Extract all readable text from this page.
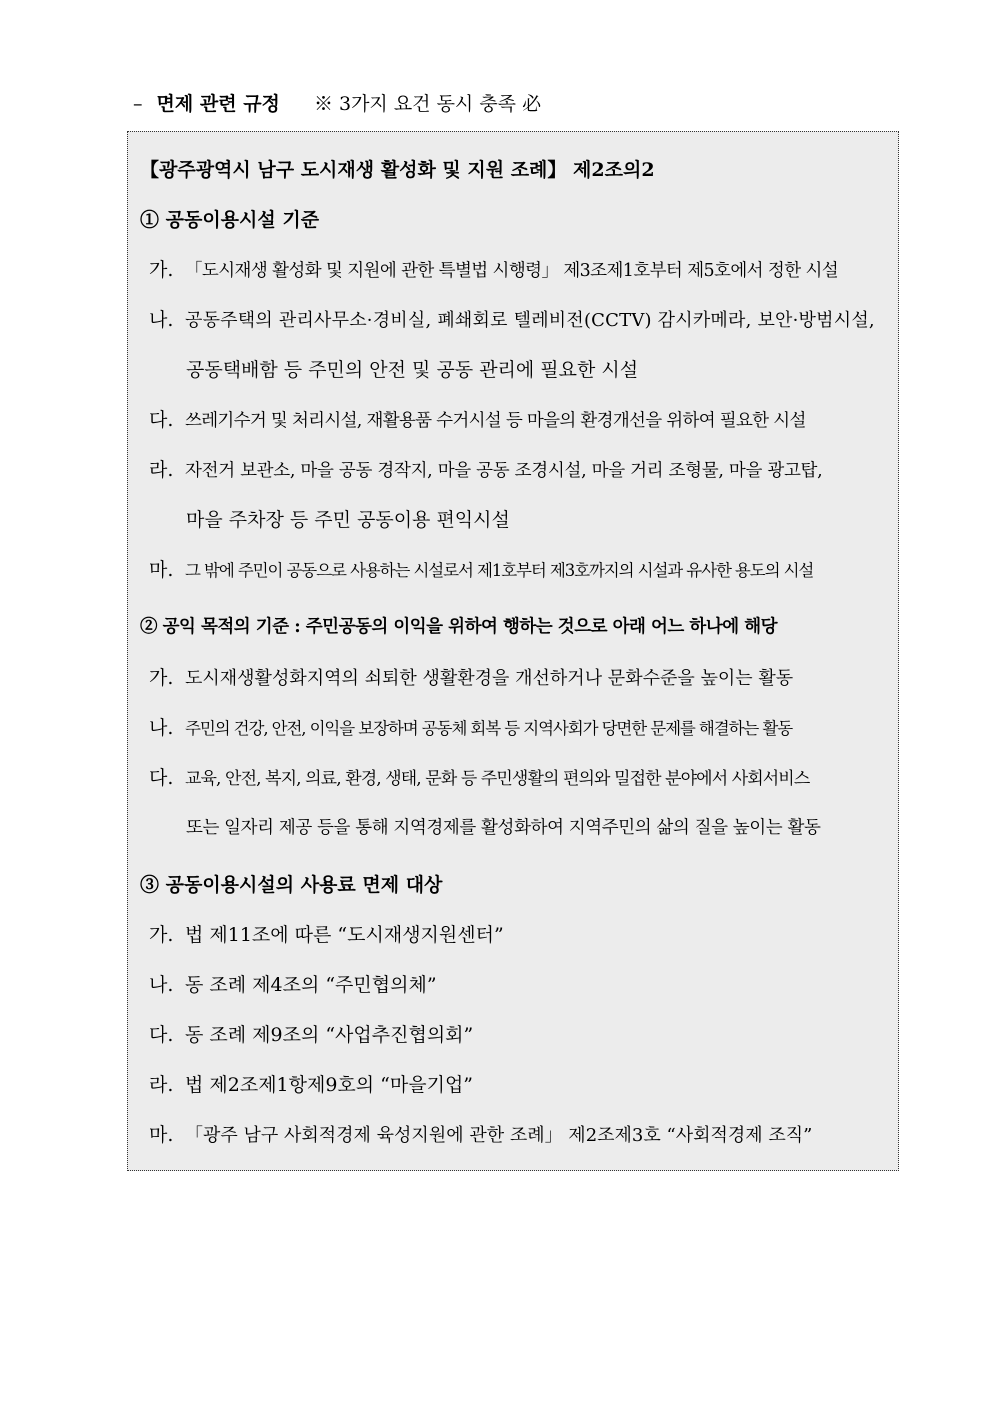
– 면제 관련 규정 ※ 3가지 요건 동시 충족 必
【광주광역시 남구 도시재생 활성화 및 지원 조례】 제2조의2
① 공동이용시설 기준
가. 「도시재생 활성화 및 지원에 관한 특별법 시행령」 제3조제1호부터 제5호에서 정한 시설
나. 공동주택의 관리사무소·경비실, 폐쇄회로 텔레비전(CCTV) 감시카메라, 보안·방범시설,
공동택배함 등 주민의 안전 및 공동 관리에 필요한 시설
다. 쓰레기수거 및 처리시설, 재활용품 수거시설 등 마을의 환경개선을 위하여 필요한 시설
라. 자전거 보관소, 마을 공동 경작지, 마을 공동 조경시설, 마을 거리 조형물, 마을 광고탑,
마을 주차장 등 주민 공동이용 편익시설
마. 그 밖에 주민이 공동으로 사용하는 시설로서 제1호부터 제3호까지의 시설과 유사한 용도의 시설
② 공익 목적의 기준 : 주민공동의 이익을 위하여 행하는 것으로 아래 어느 하나에 해당
가. 도시재생활성화지역의 쇠퇴한 생활환경을 개선하거나 문화수준을 높이는 활동
나. 주민의 건강, 안전, 이익을 보장하며 공동체 회복 등 지역사회가 당면한 문제를 해결하는 활동
다. 교육, 안전, 복지, 의료, 환경, 생태, 문화 등 주민생활의 편의와 밀접한 분야에서 사회서비스
또는 일자리 제공 등을 통해 지역경제를 활성화하여 지역주민의 삶의 질을 높이는 활동
③ 공동이용시설의 사용료 면제 대상
가. 법 제11조에 따른 “도시재생지원센터”
나. 동 조례 제4조의 “주민협의체”
다. 동 조례 제9조의 “사업추진협의회”
라. 법 제2조제1항제9호의 “마을기업”
마. 「광주 남구 사회적경제 육성지원에 관한 조례」 제2조제3호 “사회적경제 조직”
